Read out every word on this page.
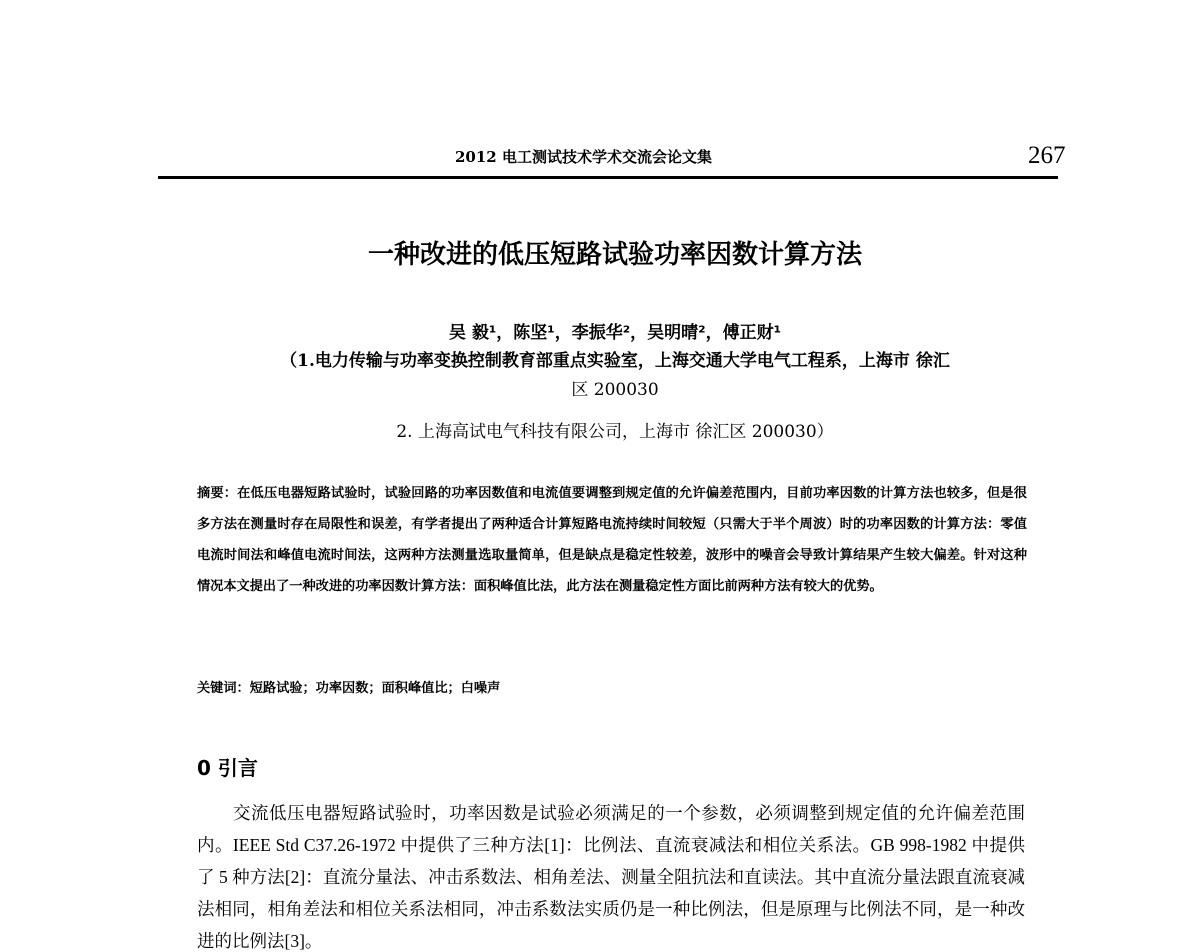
2012 电工测试技术学术交流会论文集	267
一种改进的低压短路试验功率因数计算方法
吴 毅¹，陈坚¹，李振华²，吴明晴²，傅正财¹
（1.电力传输与功率变换控制教育部重点实验室，上海交通大学电气工程系，上海市 徐汇
区 200030
2. 上海高试电气科技有限公司，上海市 徐汇区 200030）

摘要：在低压电器短路试验时，试验回路的功率因数值和电流值要调整到规定值的允许偏差范围内，目前功率因数的计算方法也较多，但是很多方法在测量时存在局限性和误差，有学者提出了两种适合计算短路电流持续时间较短（只需大于半个周波）时的功率因数的计算方法：零值电流时间法和峰值电流时间法，这两种方法测量选取量简单，但是缺点是稳定性较差，波形中的噪音会导致计算结果产生较大偏差。针对这种情况本文提出了一种改进的功率因数计算方法：面积峰值比法，此方法在测量稳定性方面比前两种方法有较大的优势。

关键词：短路试验；功率因数；面积峰值比；白噪声
0 引言

交流低压电器短路试验时，功率因数是试验必须满足的一个参数，必须调整到规定值的允许偏差范围内。IEEE Std C37.26-1972 中提供了三种方法[1]：比例法、直流衰减法和相位关系法。GB 998-1982 中提供了 5 种方法[2]：直流分量法、冲击系数法、相角差法、测量全阻抗法和直读法。其中直流分量法跟直流衰减法相同，相角差法和相位关系法相同，冲击系数法实质仍是一种比例法，但是原理与比例法不同，是一种改进的比例法[3]。
